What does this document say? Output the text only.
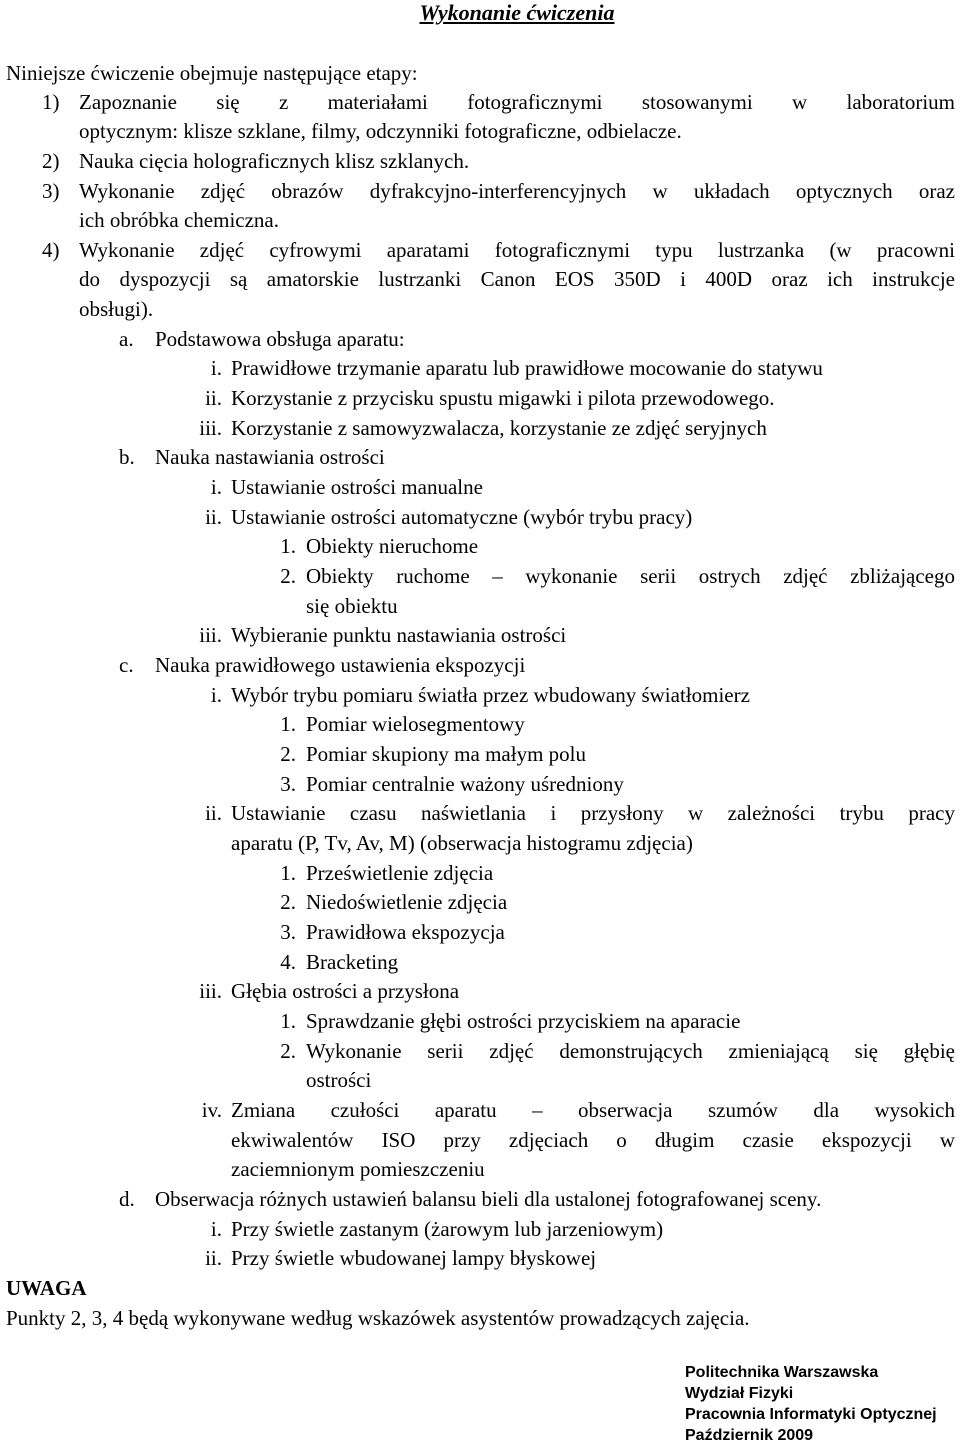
Wykonanie ćwiczenia
Niniejsze ćwiczenie obejmuje następujące etapy:
1) Zapoznanie się z materiałami fotograficznymi stosowanymi w laboratorium
optycznym: klisze szklane, filmy, odczynniki fotograficzne, odbielacze.
2) Nauka cięcia holograficznych klisz szklanych.
3) Wykonanie zdjęć obrazów dyfrakcyjno-interferencyjnych w układach optycznych oraz
ich obróbka chemiczna.
4) Wykonanie zdjęć cyfrowymi aparatami fotograficznymi typu lustrzanka (w pracowni
do dyspozycji są amatorskie lustrzanki Canon EOS 350D i 400D oraz ich instrukcje
obsługi).
a. Podstawowa obsługa aparatu:
i. Prawidłowe trzymanie aparatu lub prawidłowe mocowanie do statywu
ii. Korzystanie z przycisku spustu migawki i pilota przewodowego.
iii. Korzystanie z samowyzwalacza, korzystanie ze zdjęć seryjnych
b. Nauka nastawiania ostrości
i. Ustawianie ostrości manualne
ii. Ustawianie ostrości automatyczne (wybór trybu pracy)
1. Obiekty nieruchome
2. Obiekty ruchome – wykonanie serii ostrych zdjęć zbliżającego
się obiektu
iii. Wybieranie punktu nastawiania ostrości
c. Nauka prawidłowego ustawienia ekspozycji
i. Wybór trybu pomiaru światła przez wbudowany światłomierz
1. Pomiar wielosegmentowy
2. Pomiar skupiony ma małym polu
3. Pomiar centralnie ważony uśredniony
ii. Ustawianie czasu naświetlania i przysłony w zależności trybu pracy
aparatu (P, Tv, Av, M) (obserwacja histogramu zdjęcia)
1. Prześwietlenie zdjęcia
2. Niedoświetlenie zdjęcia
3. Prawidłowa ekspozycja
4. Bracketing
iii. Głębia ostrości a przysłona
1. Sprawdzanie głębi ostrości przyciskiem na aparacie
2. Wykonanie serii zdjęć demonstrujących zmieniającą się głębię
ostrości
iv. Zmiana czułości aparatu – obserwacja szumów dla wysokich
ekwiwalentów ISO przy zdjęciach o długim czasie ekspozycji w
zaciemnionym pomieszczeniu
d. Obserwacja różnych ustawień balansu bieli dla ustalonej fotografowanej sceny.
i. Przy świetle zastanym (żarowym lub jarzeniowym)
ii. Przy świetle wbudowanej lampy błyskowej
UWAGA
Punkty 2, 3, 4 będą wykonywane według wskazówek asystentów prowadzących zajęcia.
Politechnika Warszawska
Wydział Fizyki
Pracownia Informatyki Optycznej
Październik 2009
